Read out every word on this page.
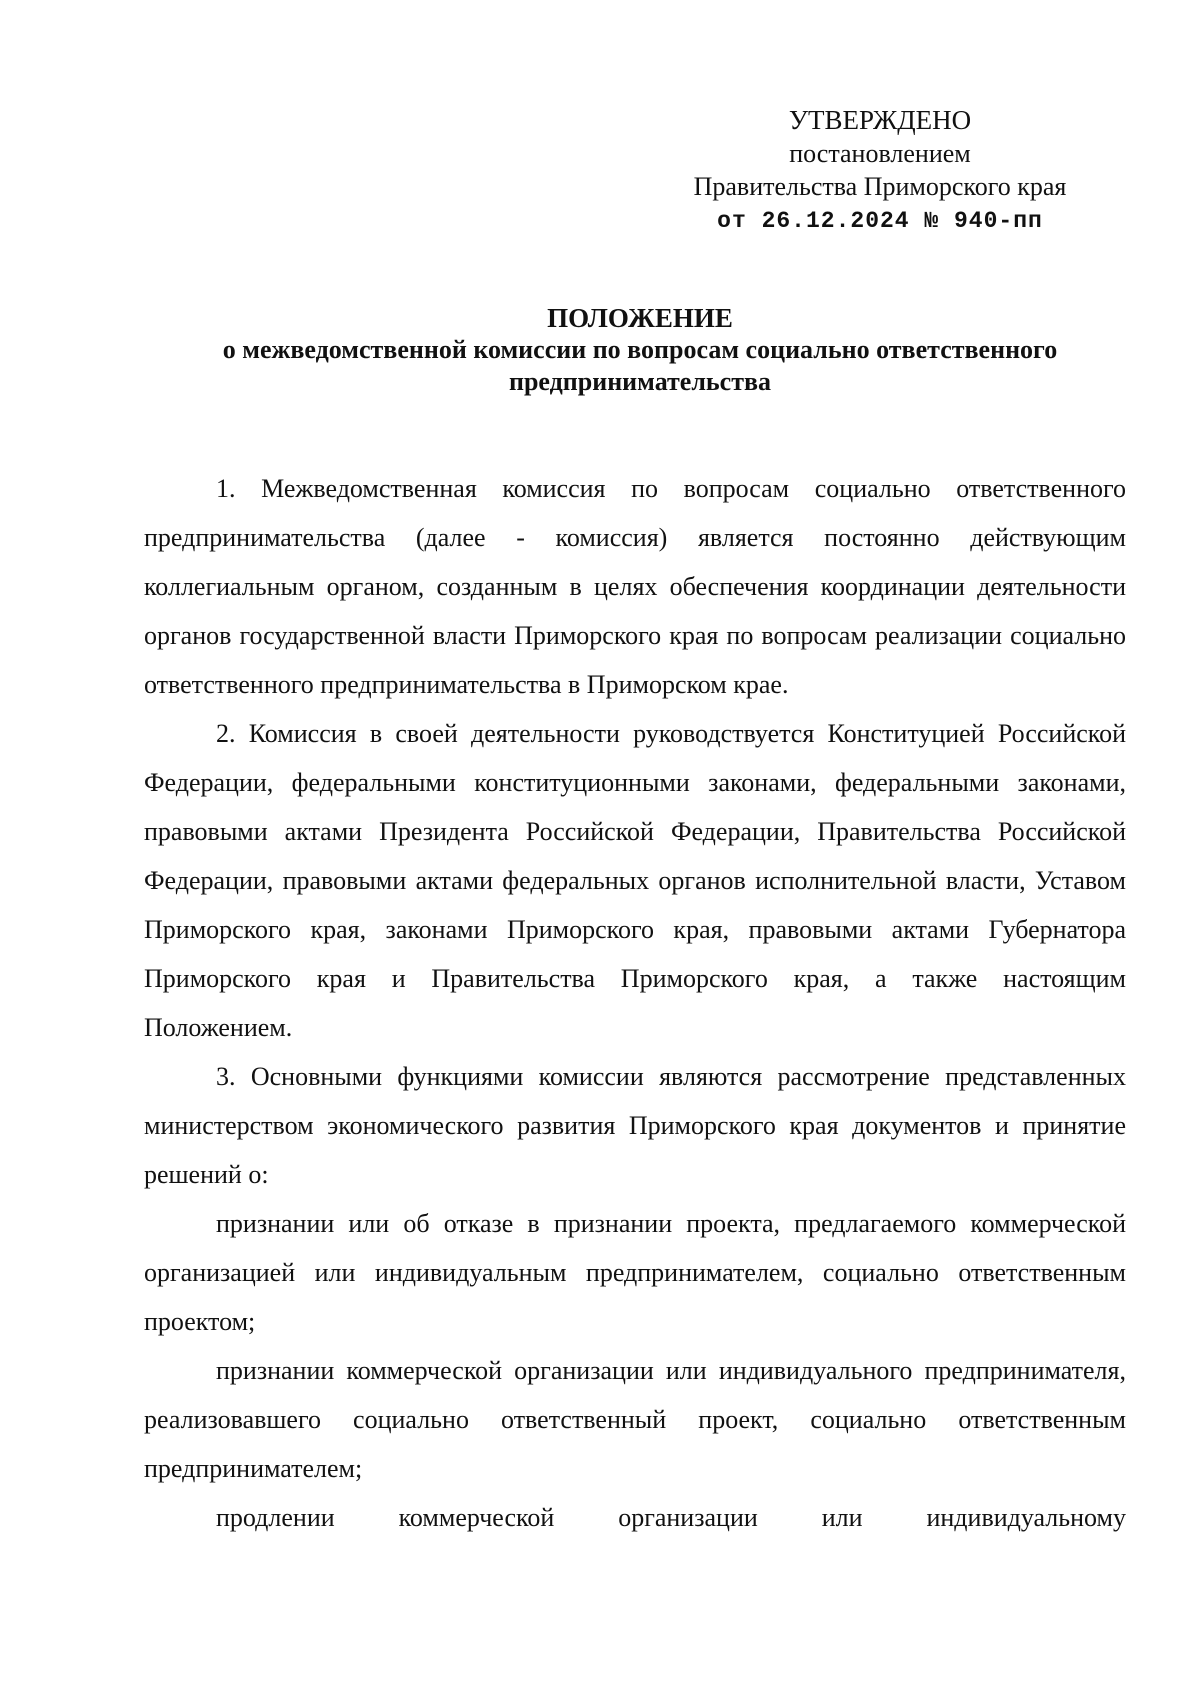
УТВЕРЖДЕНО
постановлением
Правительства Приморского края
от 26.12.2024 № 940-пп
ПОЛОЖЕНИЕ
о межведомственной комиссии по вопросам социально ответственного
предпринимательства

1. Межведомственная комиссия по вопросам социально ответственного предпринимательства (далее - комиссия) является постоянно действующим коллегиальным органом, созданным в целях обеспечения координации деятельности органов государственной власти Приморского края по вопросам реализации социально ответственного предпринимательства в Приморском крае.

2. Комиссия в своей деятельности руководствуется Конституцией Российской Федерации, федеральными конституционными законами, федеральными законами, правовыми актами Президента Российской Федерации, Правительства Российской Федерации, правовыми актами федеральных органов исполнительной власти, Уставом Приморского края, законами Приморского края, правовыми актами Губернатора Приморского края и Правительства Приморского края, а также настоящим Положением.

3. Основными функциями комиссии являются рассмотрение представленных министерством экономического развития Приморского края документов и принятие решений о:

признании или об отказе в признании проекта, предлагаемого коммерческой организацией или индивидуальным предпринимателем, социально ответственным проектом;

признании коммерческой организации или индивидуального предпринимателя, реализовавшего социально ответственный проект, социально ответственным предпринимателем;

продлении коммерческой организации или индивидуальному
